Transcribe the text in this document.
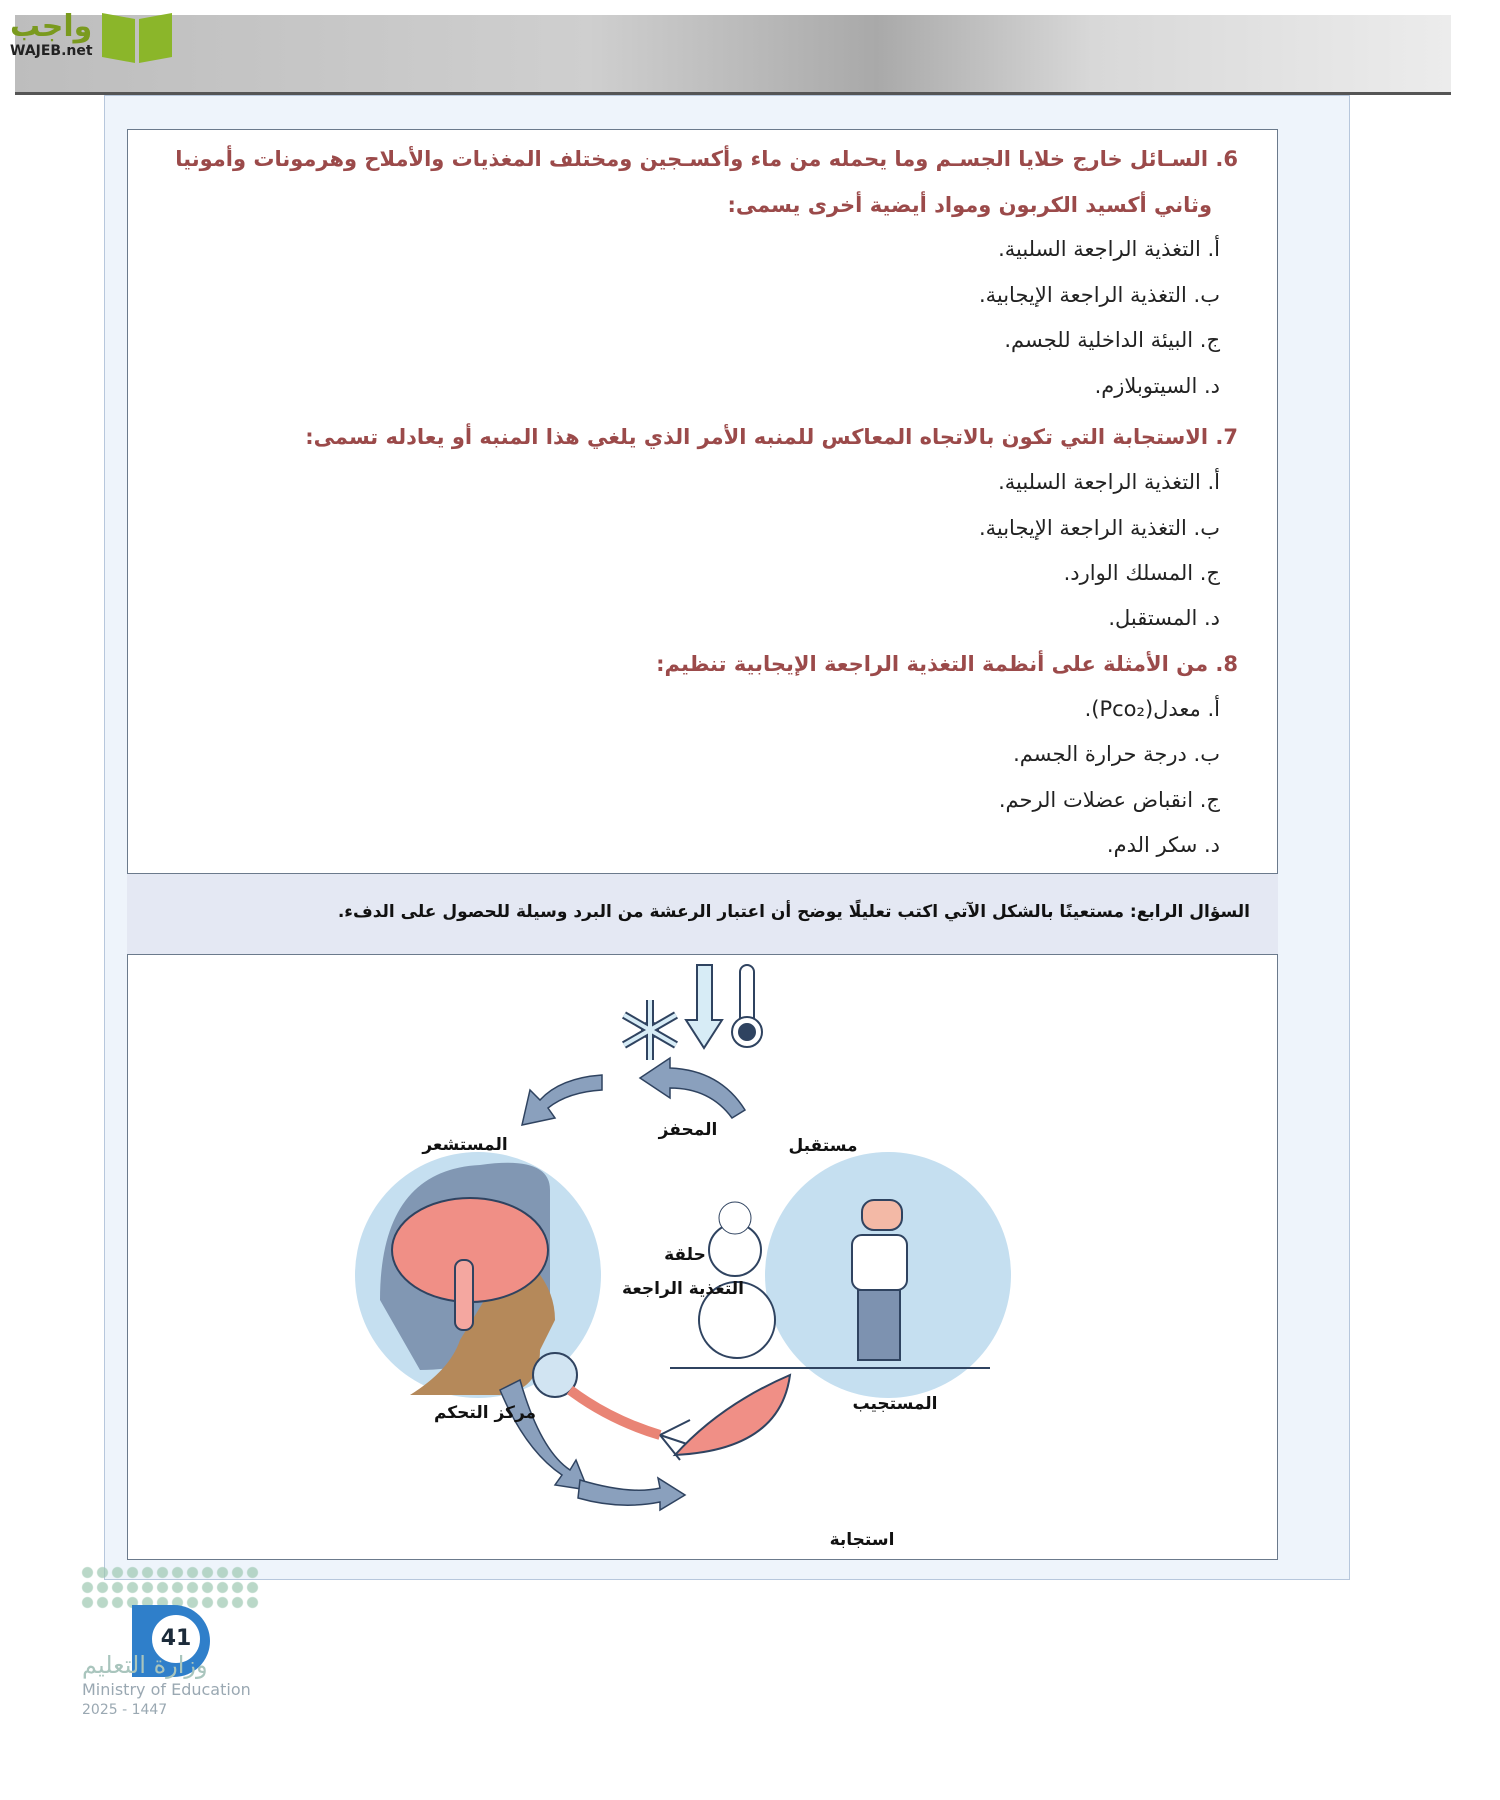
واجب
WAJEB.net
6. السـائل خارج خلايا الجسـم وما يحمله من ماء وأكسـجين ومختلف المغذيات والأملاح وهرمونات وأمونيا
وثاني أكسيد الكربون ومواد أيضية أخرى يسمى:
أ. التغذية الراجعة السلبية.
ب. التغذية الراجعة الإيجابية.
ج. البيئة الداخلية للجسم.
د. السيتوبلازم.
7. الاستجابة التي تكون بالاتجاه المعاكس للمنبه الأمر الذي يلغي هذا المنبه أو يعادله تسمى:
أ. التغذية الراجعة السلبية.
ب. التغذية الراجعة الإيجابية.
ج. المسلك الوارد.
د. المستقبل.
8. من الأمثلة على أنظمة التغذية الراجعة الإيجابية تنظيم:
أ. معدل(Pco₂).
ب. درجة حرارة الجسم.
ج. انقباض عضلات الرحم.
د. سكر الدم.
السؤال الرابع: مستعينًا بالشكل الآتي اكتب تعليلًا يوضح أن اعتبار الرعشة من البرد وسيلة للحصول على الدفء.
المحفز
المستشعر	مستقبل
حلقة
التغذية الراجعة
مركز التحكم	المستجيب
استجابة
41
وزارة التعليم
Ministry of Education
2025 - 1447
